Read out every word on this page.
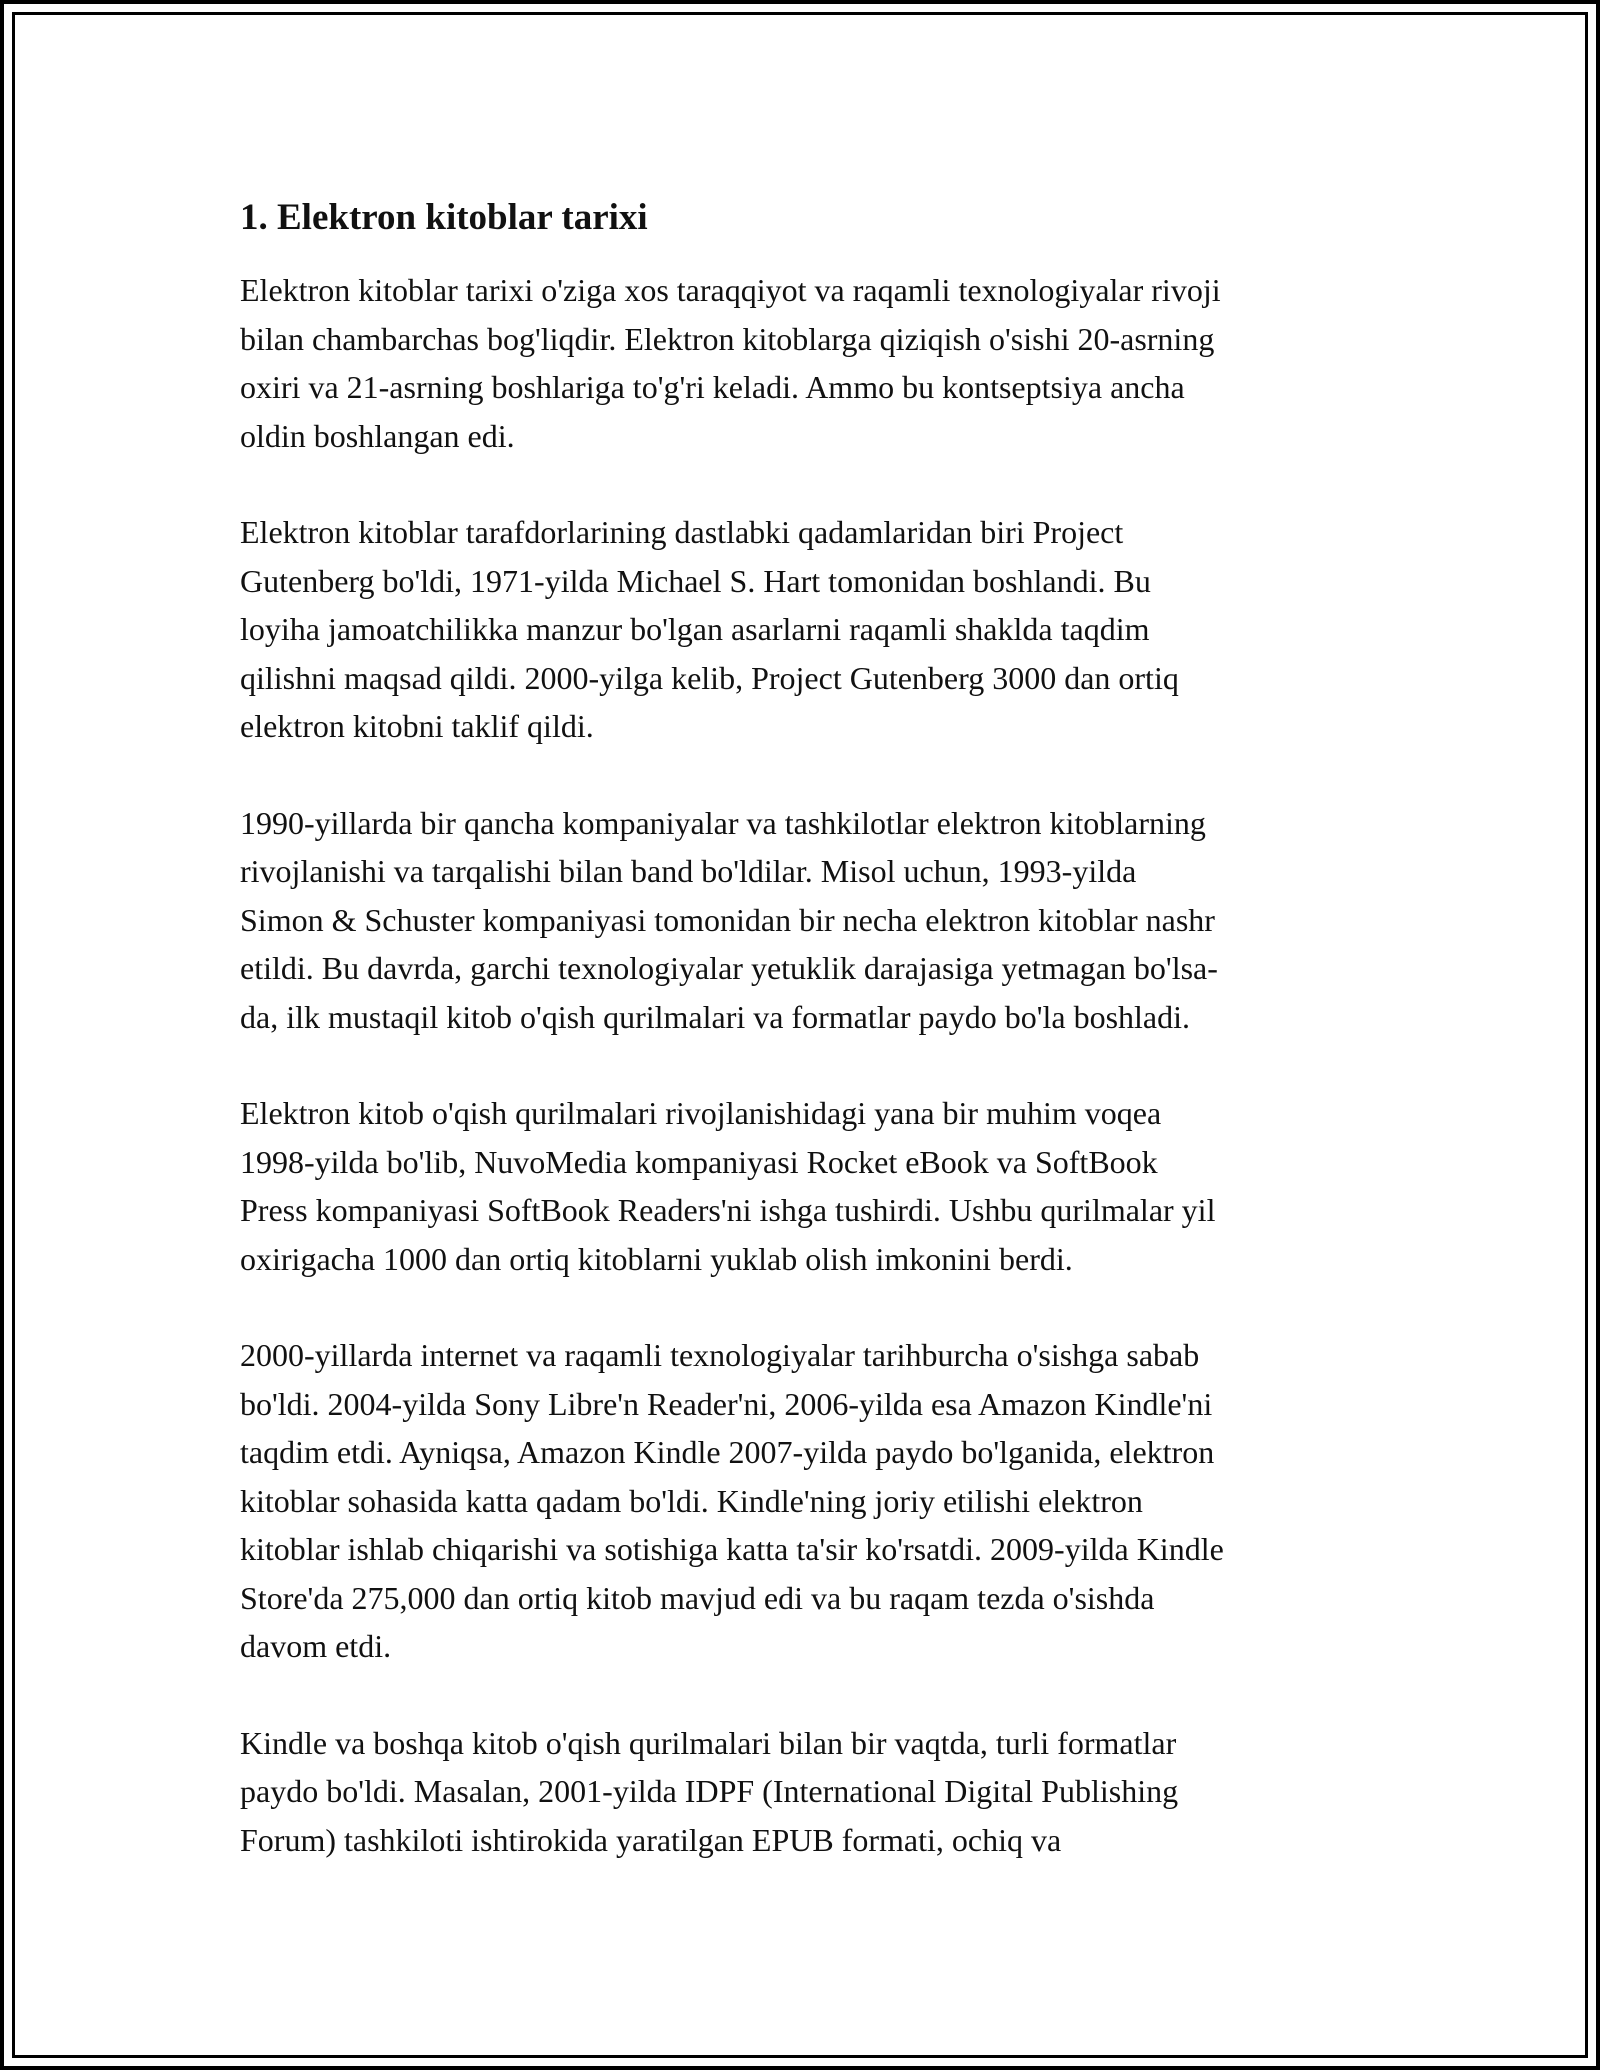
1. Elektron kitoblar tarixi

Elektron kitoblar tarixi o'ziga xos taraqqiyot va raqamli texnologiyalar rivoji
bilan chambarchas bog'liqdir. Elektron kitoblarga qiziqish o'sishi 20-asrning
oxiri va 21-asrning boshlariga to'g'ri keladi. Ammo bu kontseptsiya ancha
oldin boshlangan edi.

Elektron kitoblar tarafdorlarining dastlabki qadamlaridan biri Project
Gutenberg bo'ldi, 1971-yilda Michael S. Hart tomonidan boshlandi. Bu
loyiha jamoatchilikka manzur bo'lgan asarlarni raqamli shaklda taqdim
qilishni maqsad qildi. 2000-yilga kelib, Project Gutenberg 3000 dan ortiq
elektron kitobni taklif qildi.

1990-yillarda bir qancha kompaniyalar va tashkilotlar elektron kitoblarning
rivojlanishi va tarqalishi bilan band bo'ldilar. Misol uchun, 1993-yilda
Simon & Schuster kompaniyasi tomonidan bir necha elektron kitoblar nashr
etildi. Bu davrda, garchi texnologiyalar yetuklik darajasiga yetmagan bo'lsa-
da, ilk mustaqil kitob o'qish qurilmalari va formatlar paydo bo'la boshladi.

Elektron kitob o'qish qurilmalari rivojlanishidagi yana bir muhim voqea
1998-yilda bo'lib, NuvoMedia kompaniyasi Rocket eBook va SoftBook
Press kompaniyasi SoftBook Readers'ni ishga tushirdi. Ushbu qurilmalar yil
oxirigacha 1000 dan ortiq kitoblarni yuklab olish imkonini berdi.

2000-yillarda internet va raqamli texnologiyalar tarihburcha o'sishga sabab
bo'ldi. 2004-yilda Sony Libre'n Reader'ni, 2006-yilda esa Amazon Kindle'ni
taqdim etdi. Ayniqsa, Amazon Kindle 2007-yilda paydo bo'lganida, elektron
kitoblar sohasida katta qadam bo'ldi. Kindle'ning joriy etilishi elektron
kitoblar ishlab chiqarishi va sotishiga katta ta'sir ko'rsatdi. 2009-yilda Kindle
Store'da 275,000 dan ortiq kitob mavjud edi va bu raqam tezda o'sishda
davom etdi.

Kindle va boshqa kitob o'qish qurilmalari bilan bir vaqtda, turli formatlar
paydo bo'ldi. Masalan, 2001-yilda IDPF (International Digital Publishing
Forum) tashkiloti ishtirokida yaratilgan EPUB formati, ochiq va
